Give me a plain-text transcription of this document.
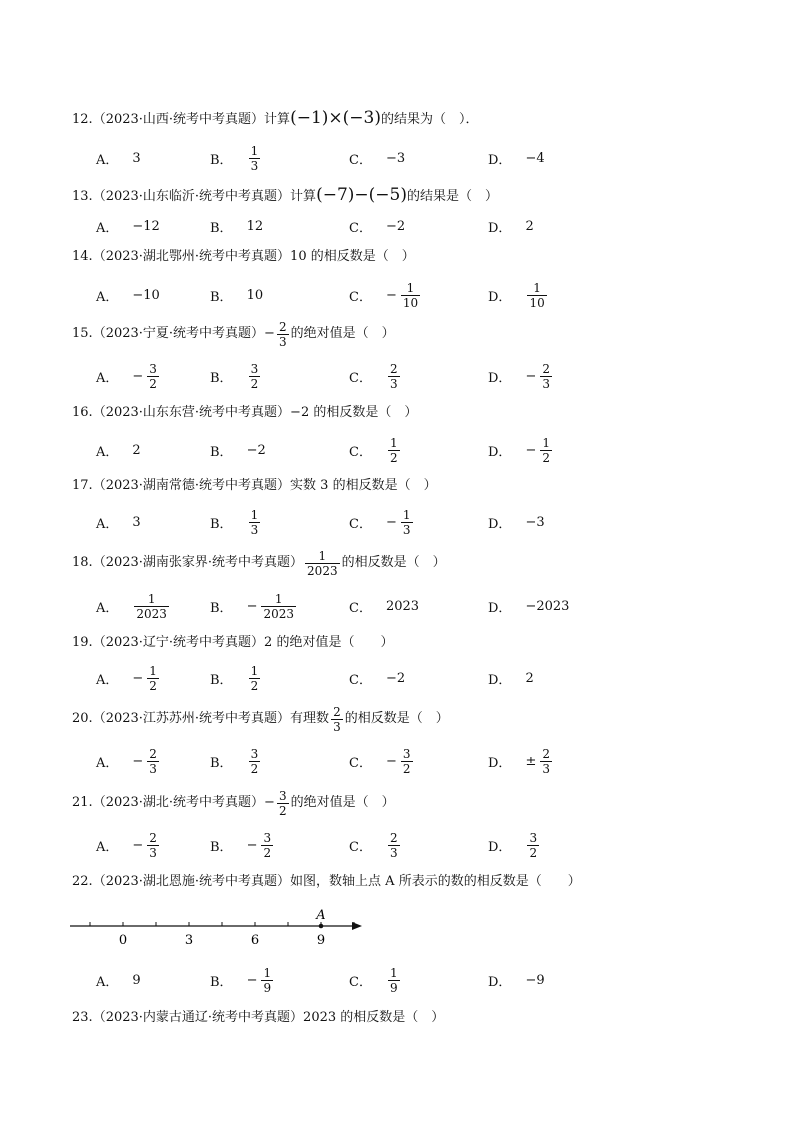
12.（2023·山西·统考中考真题）计算(−1)×(−3)的结果为（　）．
A． 3	B． $\frac{1}{3}$	C． −3	D． −4
13.（2023·山东临沂·统考中考真题）计算(−7)−(−5)的结果是（　）
A． −12	B． 12	C． −2	D． 2
14.（2023·湖北鄂州·统考中考真题）10 的相反数是（　）
A． −10	B． 10	C． − $\frac{1}{10}$	D． $\frac{1}{10}$
15. （2023·宁夏·统考中考真题） − $\frac{2}{3}$ 的绝对值是（　）
A． − $\frac{3}{2}$	B． $\frac{3}{2}$	C． $\frac{2}{3}$	D． − $\frac{2}{3}$
16.（2023·山东东营·统考中考真题）−2 的相反数是（　）
A． 2	B． −2	C． $\frac{1}{2}$	D． − $\frac{1}{2}$
17.（2023·湖南常德·统考中考真题）实数 3 的相反数是（　）
A． 3	B． $\frac{1}{3}$	C． − $\frac{1}{3}$	D． −3
18. （2023·湖南张家界·统考中考真题） $\frac{1}{2023}$ 的相反数是（　）
A． $\frac{1}{2023}$	B． − $\frac{1}{2023}$	C． 2023	D． −2023
19.（2023·辽宁·统考中考真题）2 的绝对值是（　　）
A． − $\frac{1}{2}$	B． $\frac{1}{2}$	C． −2	D． 2
20. （2023·江苏苏州·统考中考真题） 有理数 $\frac{2}{3}$ 的相反数是（　）
A． − $\frac{2}{3}$	B． $\frac{3}{2}$	C． − $\frac{3}{2}$	D． ± $\frac{2}{3}$
21. （2023·湖北·统考中考真题） − $\frac{3}{2}$ 的绝对值是（　）
A． − $\frac{2}{3}$	B． − $\frac{3}{2}$	C． $\frac{2}{3}$	D． $\frac{3}{2}$
22.（2023·湖北恩施·统考中考真题）如图，数轴上点 A 所表示的数的相反数是（　　）
A． 9	B． − $\frac{1}{9}$	C． $\frac{1}{9}$	D． −9
23.（2023·内蒙古通辽·统考中考真题）2023 的相反数是（　）
0	3	6	9
A
